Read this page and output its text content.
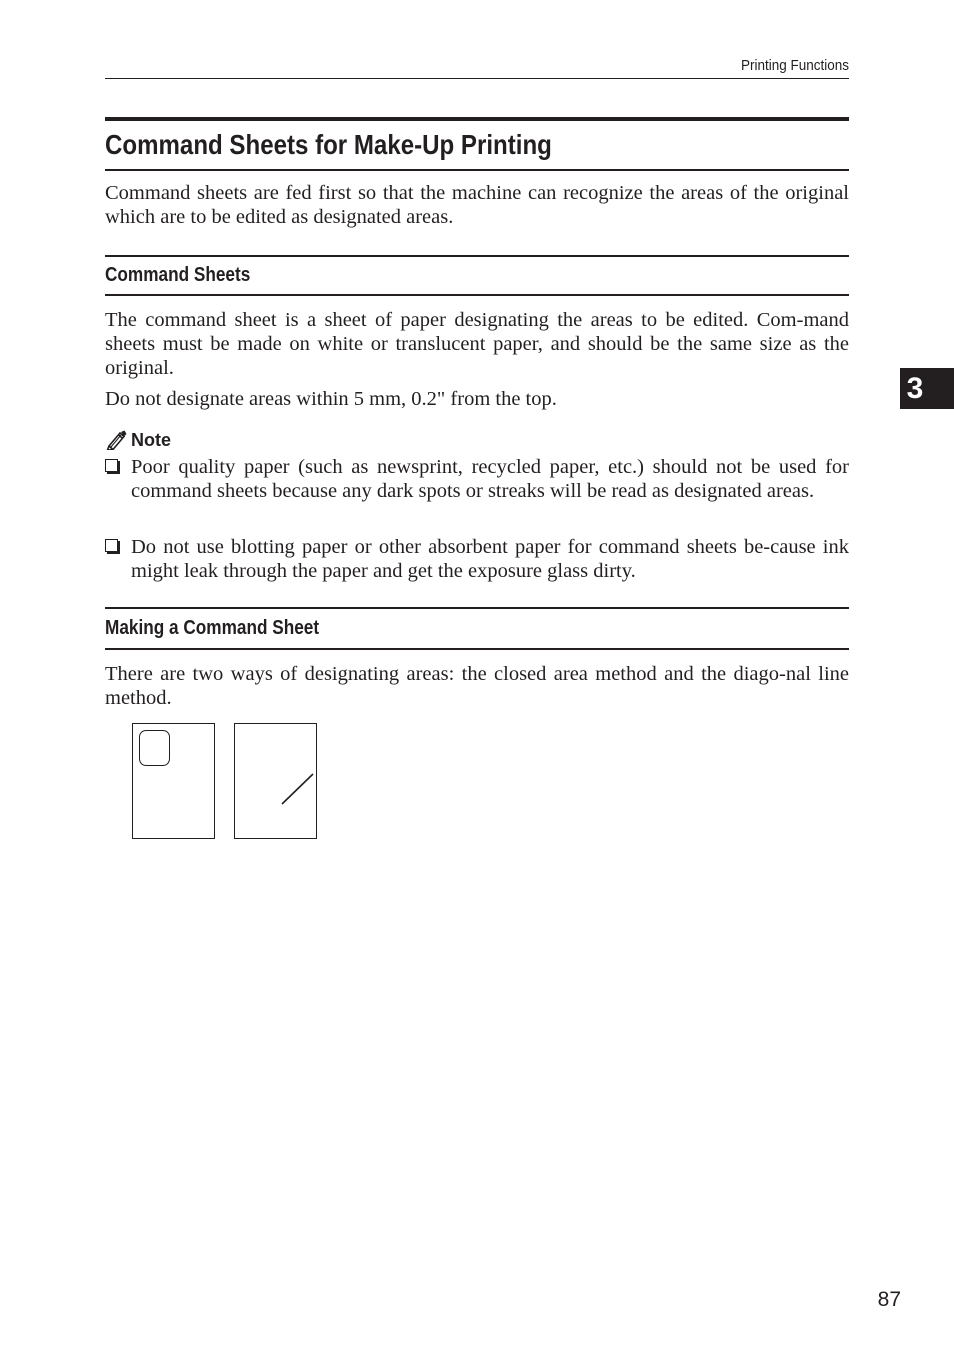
Printing Functions
3
Command Sheets for Make-Up Printing

Command sheets are fed first so that the machine can recognize the areas of the original which are to be edited as designated areas.

Command Sheets

The command sheet is a sheet of paper designating the areas to be edited. Com-mand sheets must be made on white or translucent paper, and should be the same size as the original.

Do not designate areas within 5 mm, 0.2" from the top.

Note

Poor quality paper (such as newsprint, recycled paper, etc.) should not be used for command sheets because any dark spots or streaks will be read as designated areas.

Do not use blotting paper or other absorbent paper for command sheets be-cause ink might leak through the paper and get the exposure glass dirty.

Making a Command Sheet

There are two ways of designating areas: the closed area method and the diago-nal line method.

87
